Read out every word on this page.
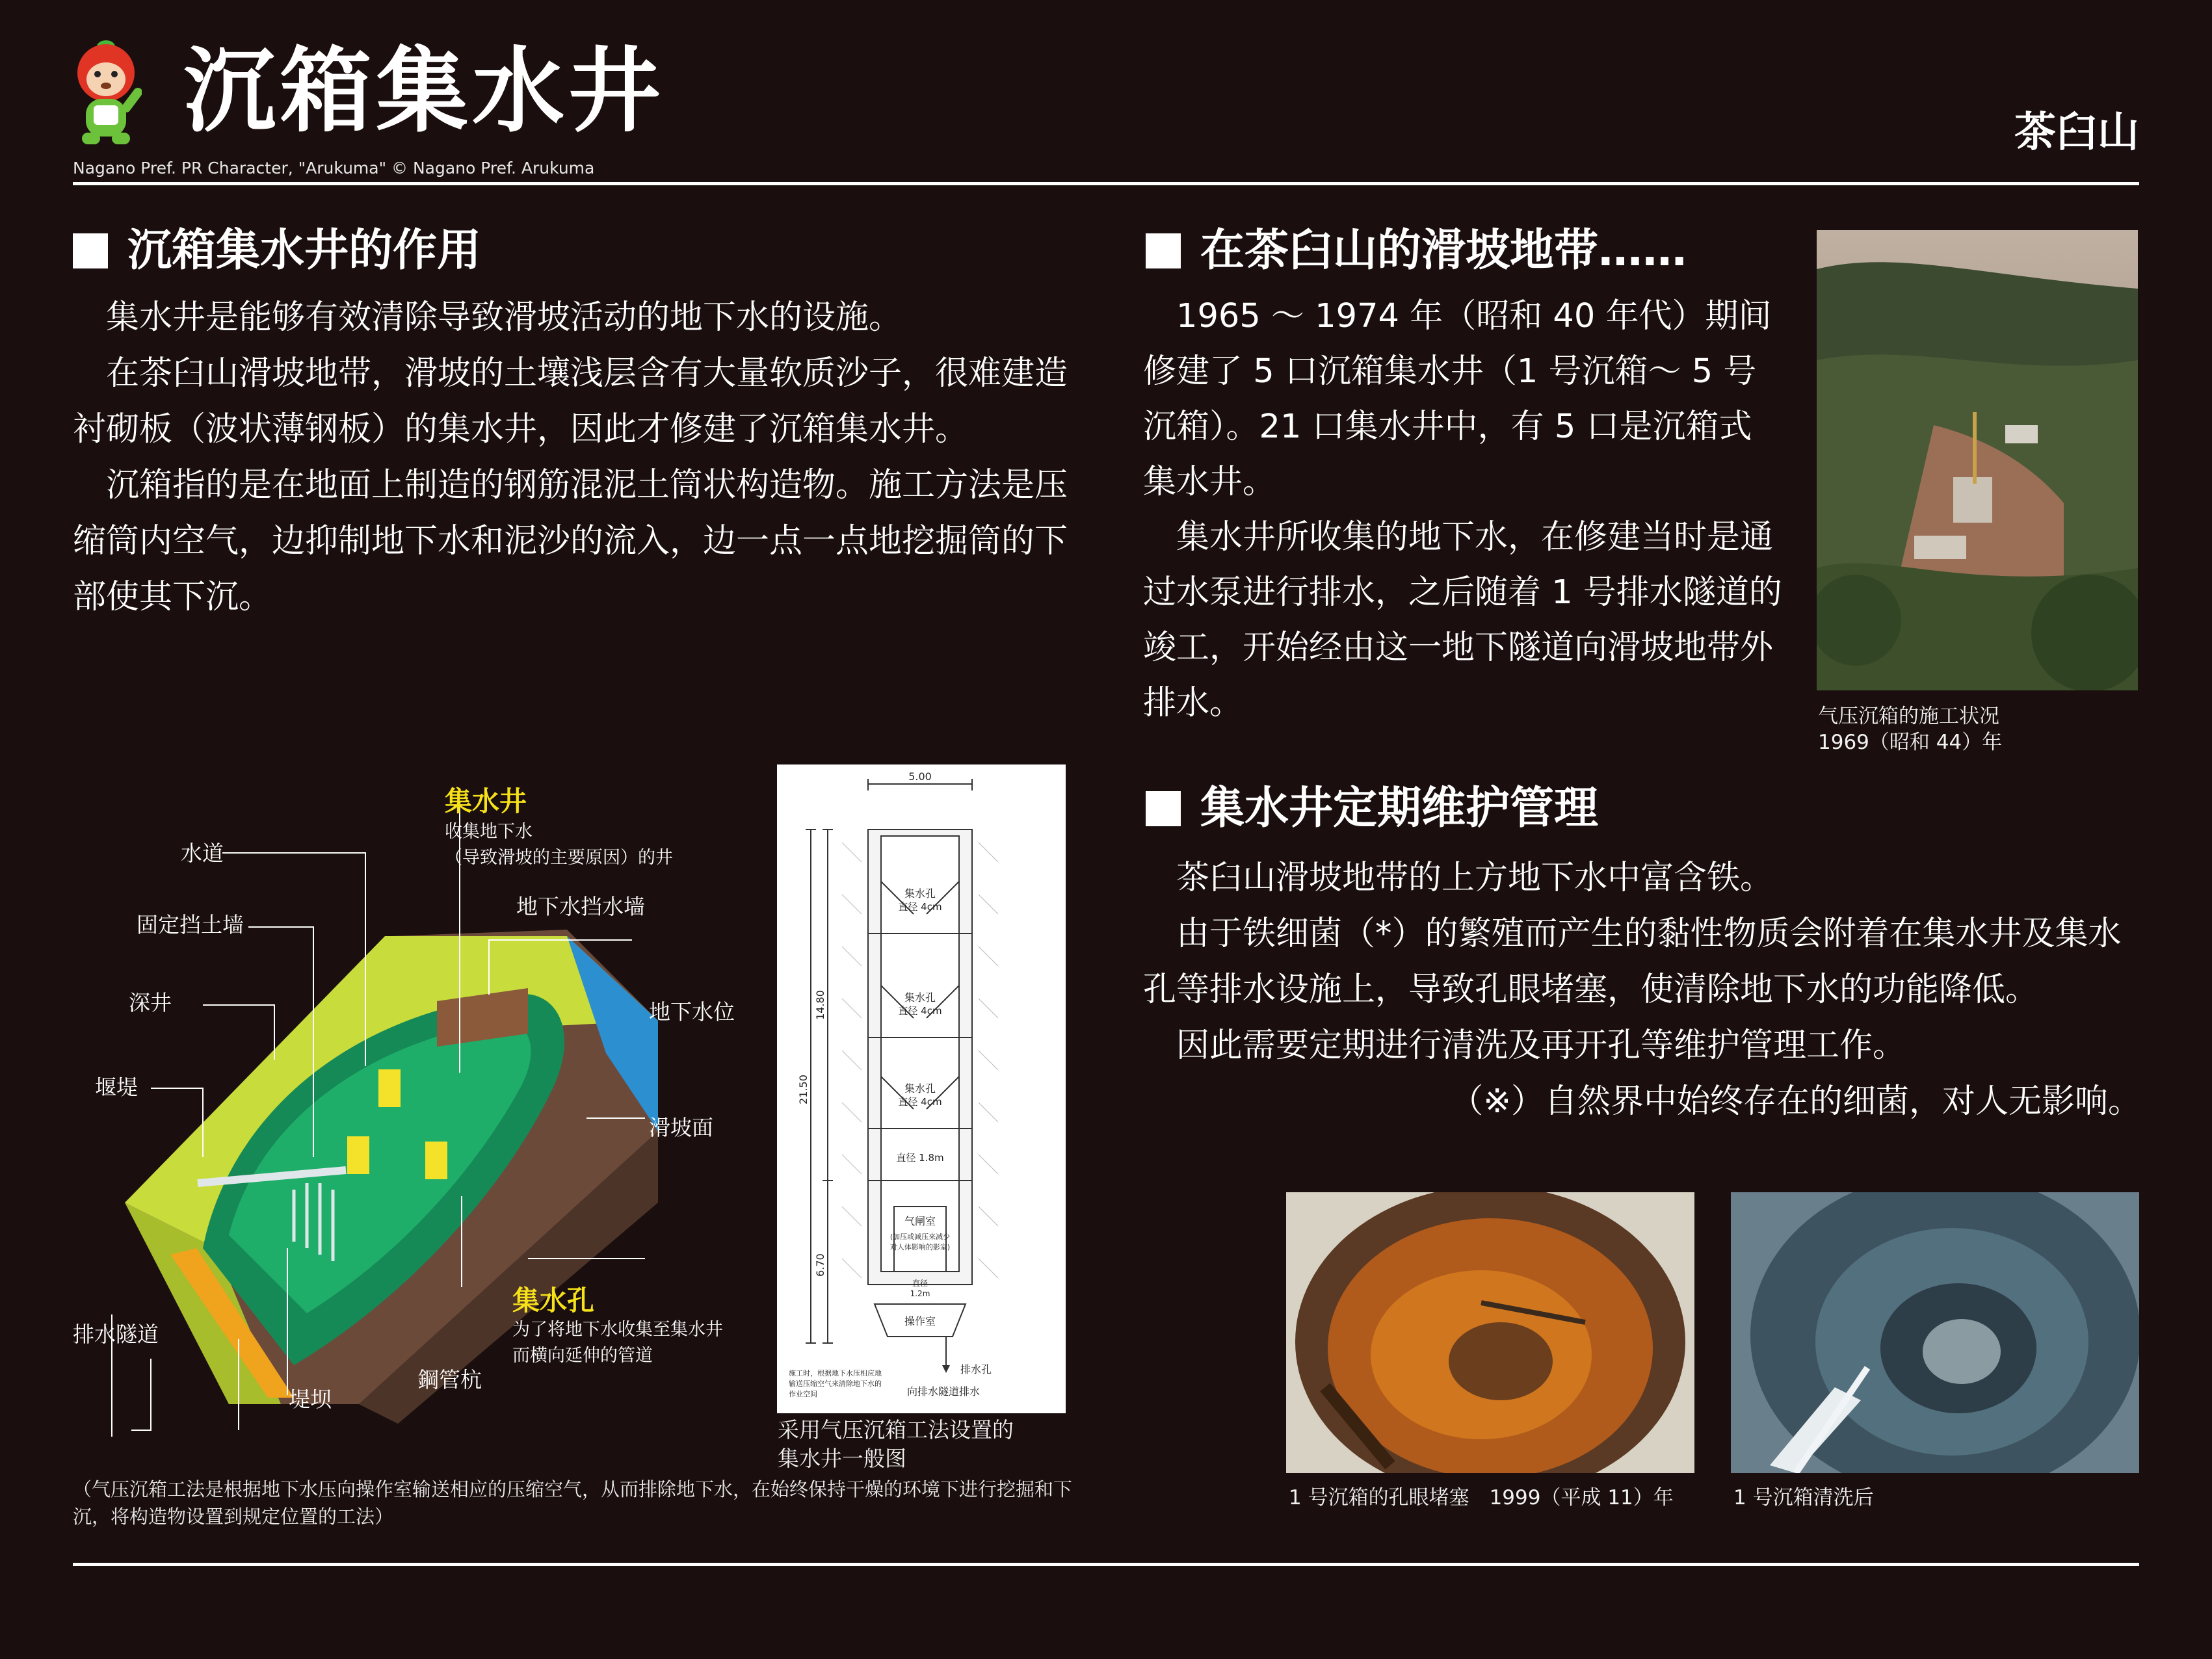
沉箱集水井
Nagano Pref. PR Character, "Arukuma" © Nagano Pref. Arukuma
茶臼山
沉箱集水井的作用

集水井是能够有效清除导致滑坡活动的地下水的设施。

在茶臼山滑坡地带，滑坡的土壤浅层含有大量软质沙子，很难建造衬砌板（波状薄钢板）的集水井，因此才修建了沉箱集水井。

沉箱指的是在地面上制造的钢筋混泥土筒状构造物。施工方法是压缩筒内空气，边抑制地下水和泥沙的流入，边一点一点地挖掘筒的下部使其下沉。

在茶臼山的滑坡地带……

1965 ～ 1974 年（昭和 40 年代）期间修建了 5 口沉箱集水井（1 号沉箱～ 5 号沉箱）。21 口集水井中，有 5 口是沉箱式集水井。

集水井所收集的地下水，在修建当时是通过水泵进行排水，之后随着 1 号排水隧道的竣工，开始经由这一地下隧道向滑坡地带外排水。	气压沉箱的施工状况
1969（昭和 44）年
集水井定期维护管理

茶臼山滑坡地带的上方地下水中富含铁。

由于铁细菌（*）的繁殖而产生的黏性物质会附着在集水井及集水孔等排水设施上，导致孔眼堵塞，使清除地下水的功能降低。

因此需要定期进行清洗及再开孔等维护管理工作。

（※）自然界中始终存在的细菌，对人无影响。

1 号沉箱的孔眼堵塞　1999（平成 11）年	1 号沉箱清洗后
水道
固定挡土墙
深井
堰堤
排水隧道
堤坝
鋼管杭
地下水挡水墙
地下水位
滑坡面
集水井
收集地下水
（导致滑坡的主要原因）的井
集水孔
为了将地下水收集至集水井
而横向延伸的管道
5.00
21.50
14.80
6.70
集水孔
直径 4cm
集水孔
直径 4cm
集水孔
直径 4cm
直径 1.8m
气闸室
(加压或减压来减少
对人体影响的影室)
直径
1.2m
操作室
排水孔
向排水隧道排水
施工时，根据地下水压相应地
输送压缩空气来清除地下水的
作业空间
采用气压沉箱工法设置的
集水井一般图
（气压沉箱工法是根据地下水压向操作室输送相应的压缩空气，从而排除地下水，在始终保持干燥的环境下进行挖掘和下沉，将构造物设置到规定位置的工法）
